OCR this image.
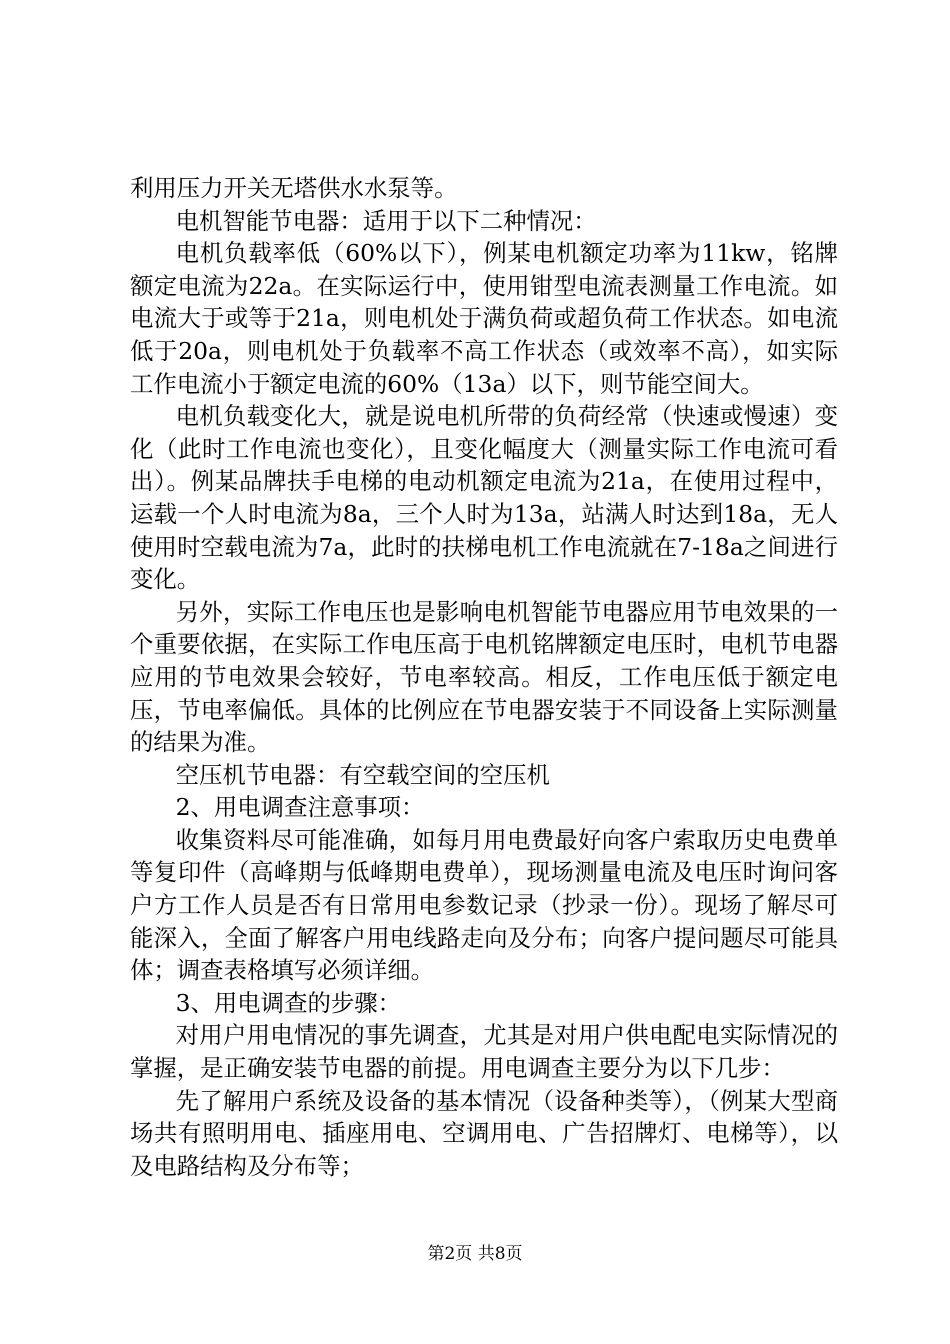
利用压力开关无塔供水水泵等。

电机智能节电器：适用于以下二种情况：

电机负载率低（60%以下），例某电机额定功率为11kw，铭牌额定电流为22a。在实际运行中，使用钳型电流表测量工作电流。如电流大于或等于21a，则电机处于满负荷或超负荷工作状态。如电流低于20a，则电机处于负载率不高工作状态（或效率不高），如实际工作电流小于额定电流的60%（13a）以下，则节能空间大。

电机负载变化大，就是说电机所带的负荷经常（快速或慢速）变化（此时工作电流也变化），且变化幅度大（测量实际工作电流可看出）。例某品牌扶手电梯的电动机额定电流为21a，在使用过程中，运载一个人时电流为8a，三个人时为13a，站满人时达到18a，无人使用时空载电流为7a，此时的扶梯电机工作电流就在7-18a之间进行变化。

另外，实际工作电压也是影响电机智能节电器应用节电效果的一个重要依据，在实际工作电压高于电机铭牌额定电压时，电机节电器应用的节电效果会较好，节电率较高。相反，工作电压低于额定电压，节电率偏低。具体的比例应在节电器安装于不同设备上实际测量的结果为准。

空压机节电器：有空载空间的空压机

2、用电调查注意事项：

收集资料尽可能准确，如每月用电费最好向客户索取历史电费单等复印件（高峰期与低峰期电费单），现场测量电流及电压时询问客户方工作人员是否有日常用电参数记录（抄录一份）。现场了解尽可能深入，全面了解客户用电线路走向及分布；向客户提问题尽可能具体；调查表格填写必须详细。

3、用电调查的步骤：

对用户用电情况的事先调查，尤其是对用户供电配电实际情况的掌握，是正确安装节电器的前提。用电调查主要分为以下几步：

先了解用户系统及设备的基本情况（设备种类等），（例某大型商场共有照明用电、插座用电、空调用电、广告招牌灯、电梯等），以及电路结构及分布等；

第2页 共8页
